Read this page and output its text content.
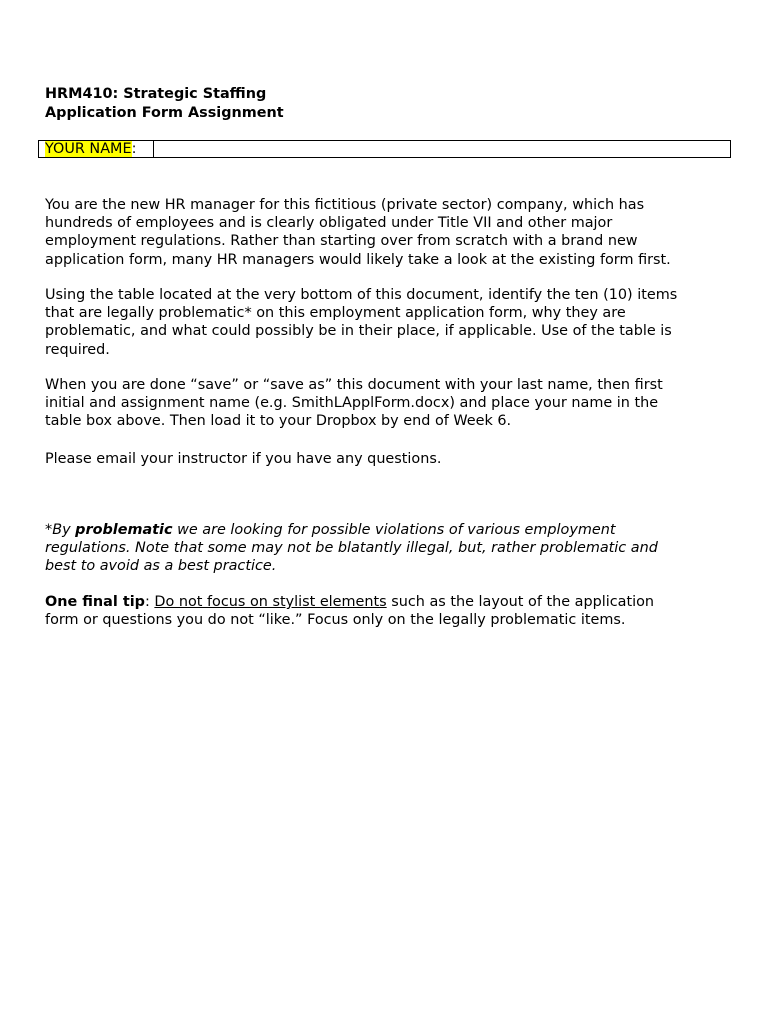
HRM410: Strategic Staffing
Application Form Assignment
YOUR NAME:
You are the new HR manager for this fictitious (private sector) company, which has
hundreds of employees and is clearly obligated under Title VII and other major
employment regulations. Rather than starting over from scratch with a brand new
application form, many HR managers would likely take a look at the existing form first.
Using the table located at the very bottom of this document, identify the ten (10) items
that are legally problematic* on this employment application form, why they are
problematic, and what could possibly be in their place, if applicable. Use of the table is
required.
When you are done “save” or “save as” this document with your last name, then first
initial and assignment name (e.g. SmithLApplForm.docx) and place your name in the
table box above. Then load it to your Dropbox by end of Week 6.
Please email your instructor if you have any questions.
*By problematic we are looking for possible violations of various employment
regulations. Note that some may not be blatantly illegal, but, rather problematic and
best to avoid as a best practice.
One final tip: Do not focus on stylist elements such as the layout of the application
form or questions you do not “like.” Focus only on the legally problematic items.
